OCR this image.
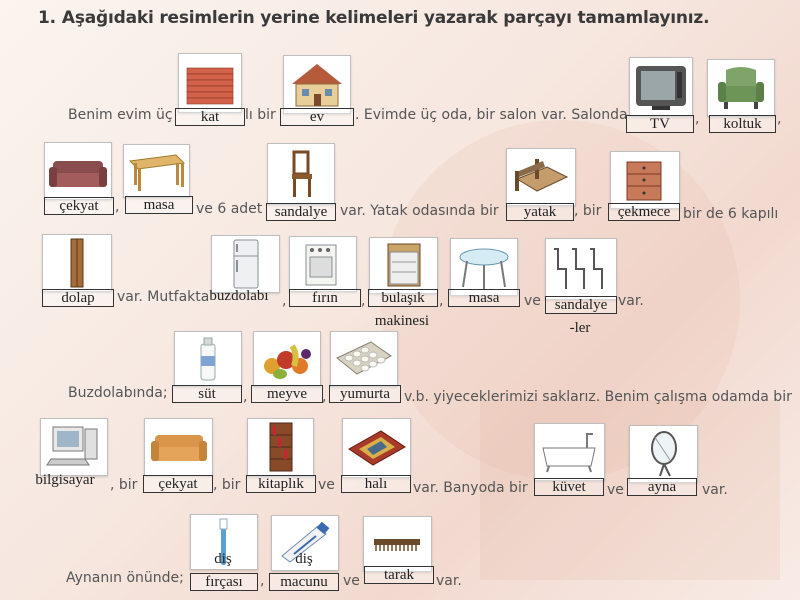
1. Aşağıdaki resimlerin yerine kelimeleri yazarak parçayı tamamlayınız.
Benim evim üç	kat	lı bir	ev	. Evimde üç oda, bir salon var. Salonda
TV	,	koltuk	,
çekyat	,	masa	ve 6 adet sandalye var. Yatak odasında bir	yatak	, bir	çekmece bir de 6 kapılı
dolap	var. Mutfakta buzdolabı ,	fırın	,	bulaşık
makinesi
,	masa	ve sandalye
-ler
var.
Buzdolabında;	süt	,	meyve	, yumurta	v.b. yiyeceklerimizi saklarız. Benim çalışma odamda bir
bilgisayar	, bir	çekyat	, bir	kitaplık	ve	halı	var. Banyoda bir	küvet	ve	ayna	var.
diş
fırçası
Aynanın önünde;	,
diş
macunu	ve	tarak	var.
